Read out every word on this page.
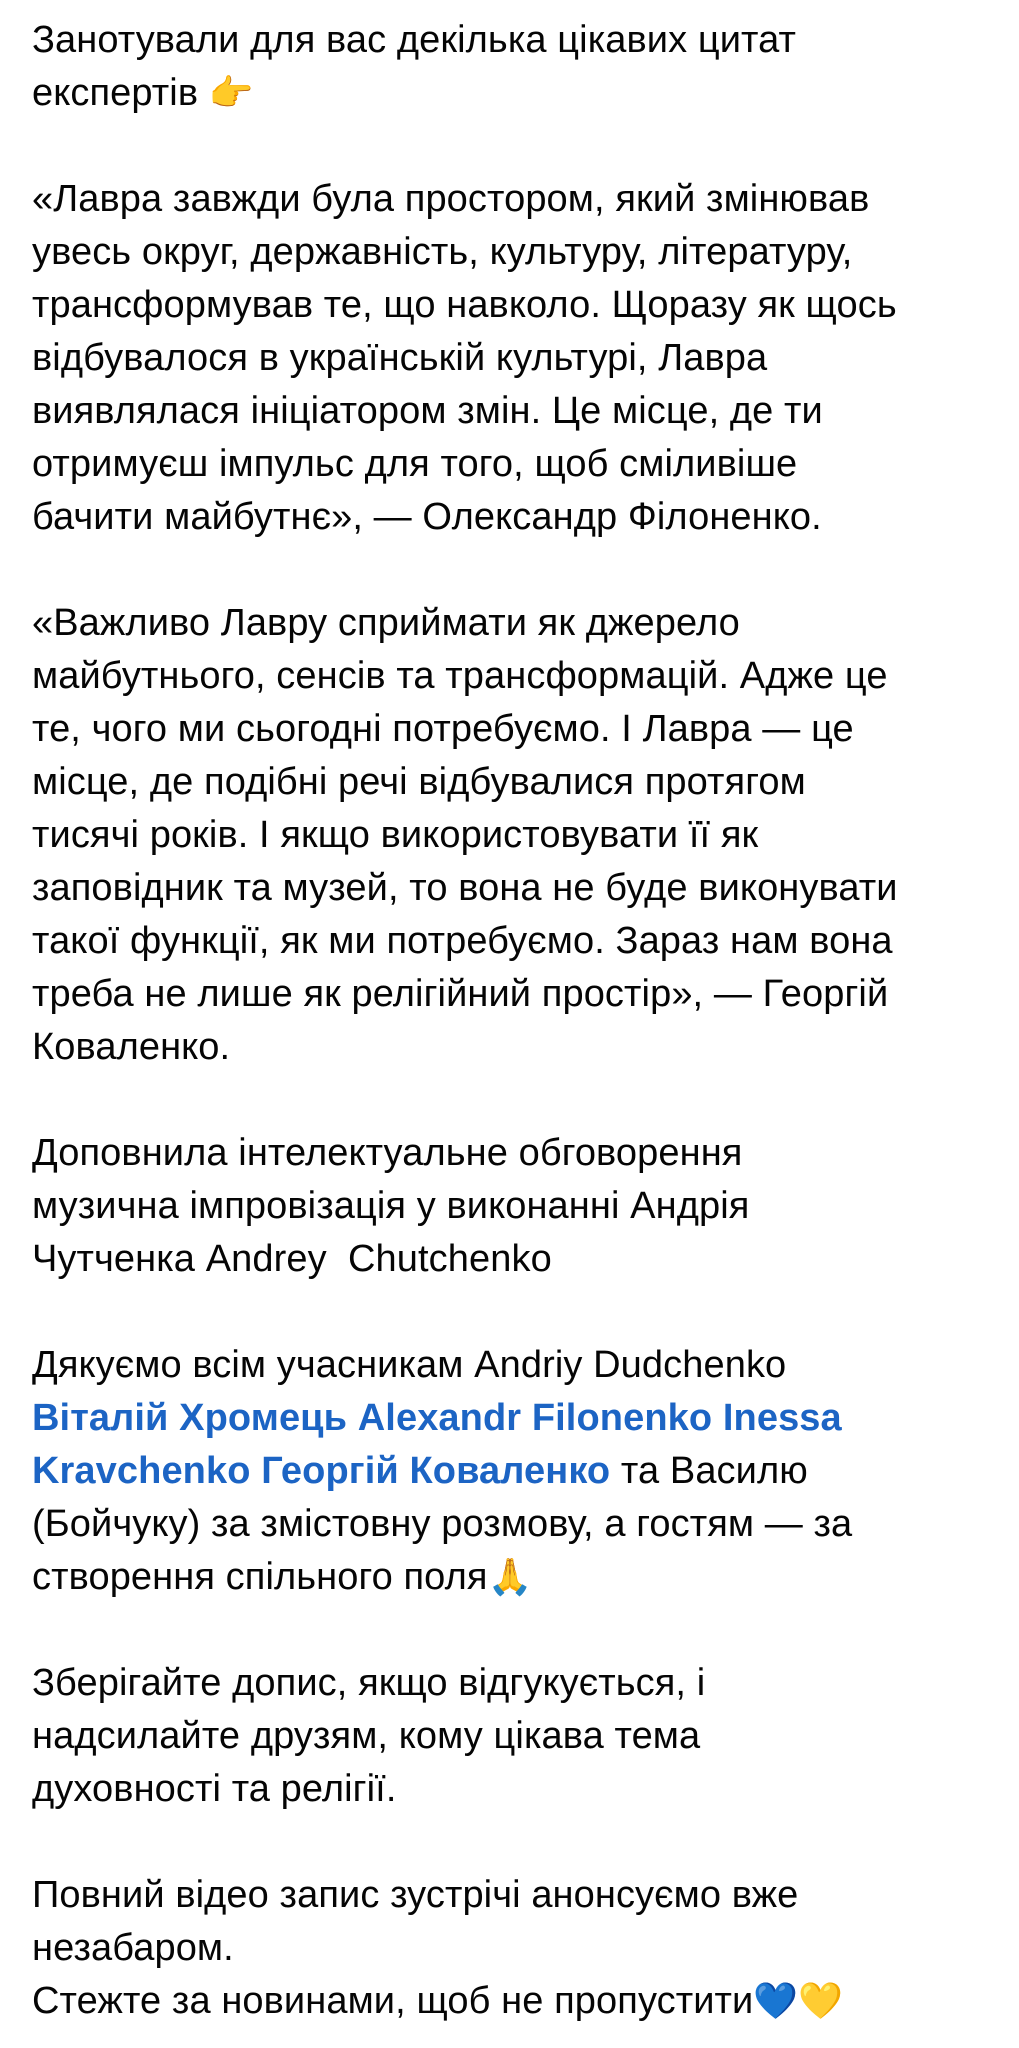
Занотували для вас декілька цікавих цитат
експертів 👉

«Лавра завжди була простором, який змінював
увесь округ, державність, культуру, літературу,
трансформував те, що навколо. Щоразу як щось
відбувалося в українській культурі, Лавра
виявлялася ініціатором змін. Це місце, де ти
отримуєш імпульс для того, щоб сміливіше
бачити майбутнє», — Олександр Філоненко.

«Важливо Лавру сприймати як джерело
майбутнього, сенсів та трансформацій. Адже це
те, чого ми сьогодні потребуємо. І Лавра — це
місце, де подібні речі відбувалися протягом
тисячі років. І якщо використовувати її як
заповідник та музей, то вона не буде виконувати
такої функції, як ми потребуємо. Зараз нам вона
треба не лише як релігійний простір», — Георгій
Коваленко.

Доповнила інтелектуальне обговорення
музична імпровізація у виконанні Андрія
Чутченка Andrey  Chutchenko

Дякуємо всім учасникам Andriy Dudchenko
Віталій Хромець Alexandr Filonenko Inessa
Kravchenko Георгій Коваленко та Василю
(Бойчуку) за змістовну розмову, а гостям — за
створення спільного поля🙏

Зберігайте допис, якщо відгукується, і
надсилайте друзям, кому цікава тема
духовності та релігії.

Повний відео запис зустрічі анонсуємо вже
незабаром.
Стежте за новинами, щоб не пропустити💙💛
